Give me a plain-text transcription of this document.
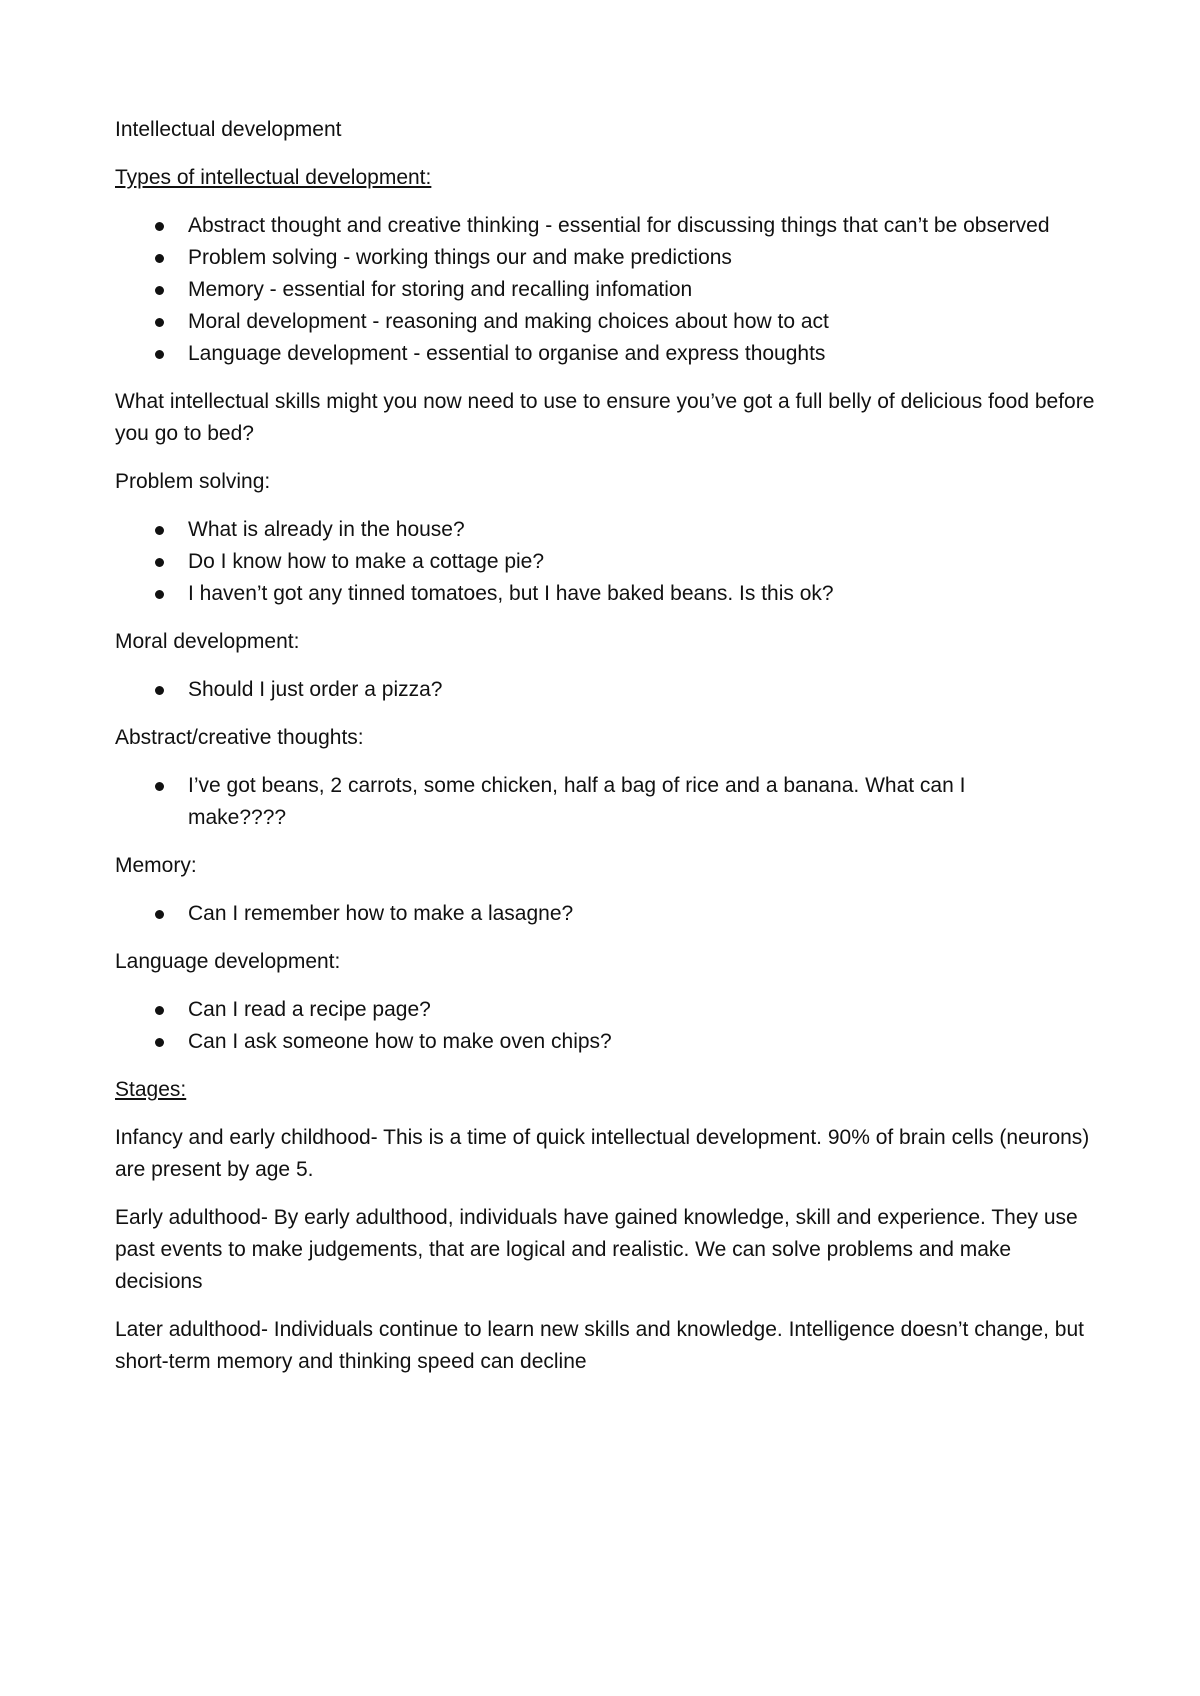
Intellectual development

Types of intellectual development:

Abstract thought and creative thinking - essential for discussing things that can’t be observed
Problem solving - working things our and make predictions
Memory - essential for storing and recalling infomation
Moral development - reasoning and making choices about how to act
Language development - essential to organise and express thoughts

What intellectual skills might you now need to use to ensure you’ve got a full belly of delicious food before you go to bed?

Problem solving:

What is already in the house?
Do I know how to make a cottage pie?
I haven’t got any tinned tomatoes, but I have baked beans. Is this ok?

Moral development:

Should I just order a pizza?

Abstract/creative thoughts:

I’ve got beans, 2 carrots, some chicken, half a bag of rice and a banana. What can I make????

Memory:

Can I remember how to make a lasagne?

Language development:

Can I read a recipe page?
Can I ask someone how to make oven chips?

Stages:

Infancy and early childhood- This is a time of quick intellectual development. 90% of brain cells (neurons) are present by age 5.

Early adulthood- By early adulthood, individuals have gained knowledge, skill and experience. They use past events to make judgements, that are logical and realistic. We can solve problems and make decisions

Later adulthood- Individuals continue to learn new skills and knowledge. Intelligence doesn’t change, but short-term memory and thinking speed can decline
